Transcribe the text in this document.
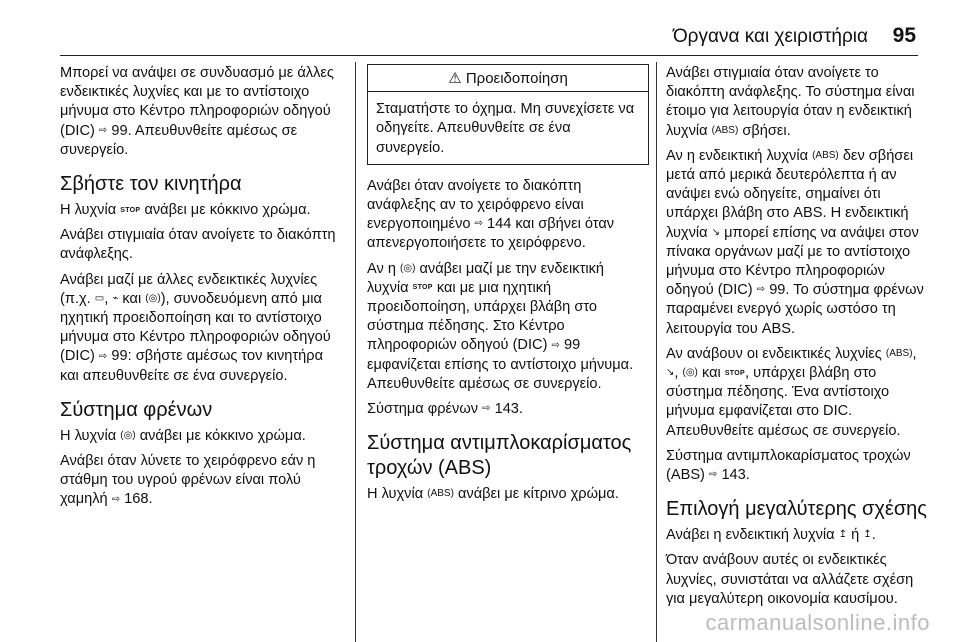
Όργανα και χειριστήρια 95

Μπορεί να ανάψει σε συνδυασμό με άλλες ενδεικτικές λυχνίες και με το αντίστοιχο μήνυμα στο Κέντρο πληροφοριών οδηγού (DIC) ⇨ 99. Απευθυνθείτε αμέσως σε συνεργείο.

Σβήστε τον κινητήρα

Η λυχνία STOP ανάβει με κόκκινο χρώμα.

Ανάβει στιγμιαία όταν ανοίγετε το διακόπτη ανάφλεξης.

Ανάβει μαζί με άλλες ενδεικτικές λυχνίες (π.χ. ▭, ⌁ και (◎)), συνοδευόμενη από μια ηχητική προειδοποίηση και το αντίστοιχο μήνυμα στο Κέντρο πληροφοριών οδηγού (DIC) ⇨ 99: σβήστε αμέσως τον κινητήρα και απευθυνθείτε σε ένα συνεργείο.

Σύστημα φρένων

Η λυχνία (◎) ανάβει με κόκκινο χρώμα.

Ανάβει όταν λύνετε το χειρόφρενο εάν η στάθμη του υγρού φρένων είναι πολύ χαμηλή ⇨ 168.

⚠ Προειδοποίηση
Σταματήστε το όχημα. Μη συνεχίσετε να οδηγείτε. Απευθυνθείτε σε ένα συνεργείο.

Ανάβει όταν ανοίγετε το διακόπτη ανάφλεξης αν το χειρόφρενο είναι ενεργοποιημένο ⇨ 144 και σβήνει όταν απενεργοποιήσετε το χειρόφρενο.

Αν η (◎) ανάβει μαζί με την ενδεικτική λυχνία STOP και με μια ηχητική προειδοποίηση, υπάρχει βλάβη στο σύστημα πέδησης. Στο Κέντρο πληροφοριών οδηγού (DIC) ⇨ 99 εμφανίζεται επίσης το αντίστοιχο μήνυμα. Απευθυνθείτε αμέσως σε συνεργείο.

Σύστημα φρένων ⇨ 143.

Σύστημα αντιμπλοκαρίσματος τροχών (ABS)

Η λυχνία (ABS) ανάβει με κίτρινο χρώμα.

Ανάβει στιγμιαία όταν ανοίγετε το διακόπτη ανάφλεξης. Το σύστημα είναι έτοιμο για λειτουργία όταν η ενδεικτική λυχνία (ABS) σβήσει.

Αν η ενδεικτική λυχνία (ABS) δεν σβήσει μετά από μερικά δευτερόλεπτα ή αν ανάψει ενώ οδηγείτε, σημαίνει ότι υπάρχει βλάβη στο ABS. Η ενδεικτική λυχνία ↘ μπορεί επίσης να ανάψει στον πίνακα οργάνων μαζί με το αντίστοιχο μήνυμα στο Κέντρο πληροφοριών οδηγού (DIC) ⇨ 99. Το σύστημα φρένων παραμένει ενεργό χωρίς ωστόσο τη λειτουργία του ABS.

Αν ανάβουν οι ενδεικτικές λυχνίες (ABS), ↘, (◎) και STOP, υπάρχει βλάβη στο σύστημα πέδησης. Ένα αντίστοιχο μήνυμα εμφανίζεται στο DIC. Απευθυνθείτε αμέσως σε συνεργείο.

Σύστημα αντιμπλοκαρίσματος τροχών (ABS) ⇨ 143.

Επιλογή μεγαλύτερης σχέσης

Ανάβει η ενδεικτική λυχνία ↥ ή ↥.

Όταν ανάβουν αυτές οι ενδεικτικές λυχνίες, συνιστάται να αλλάζετε σχέση για μεγαλύτερη οικονομία καυσίμου.

carmanualsonline.info
